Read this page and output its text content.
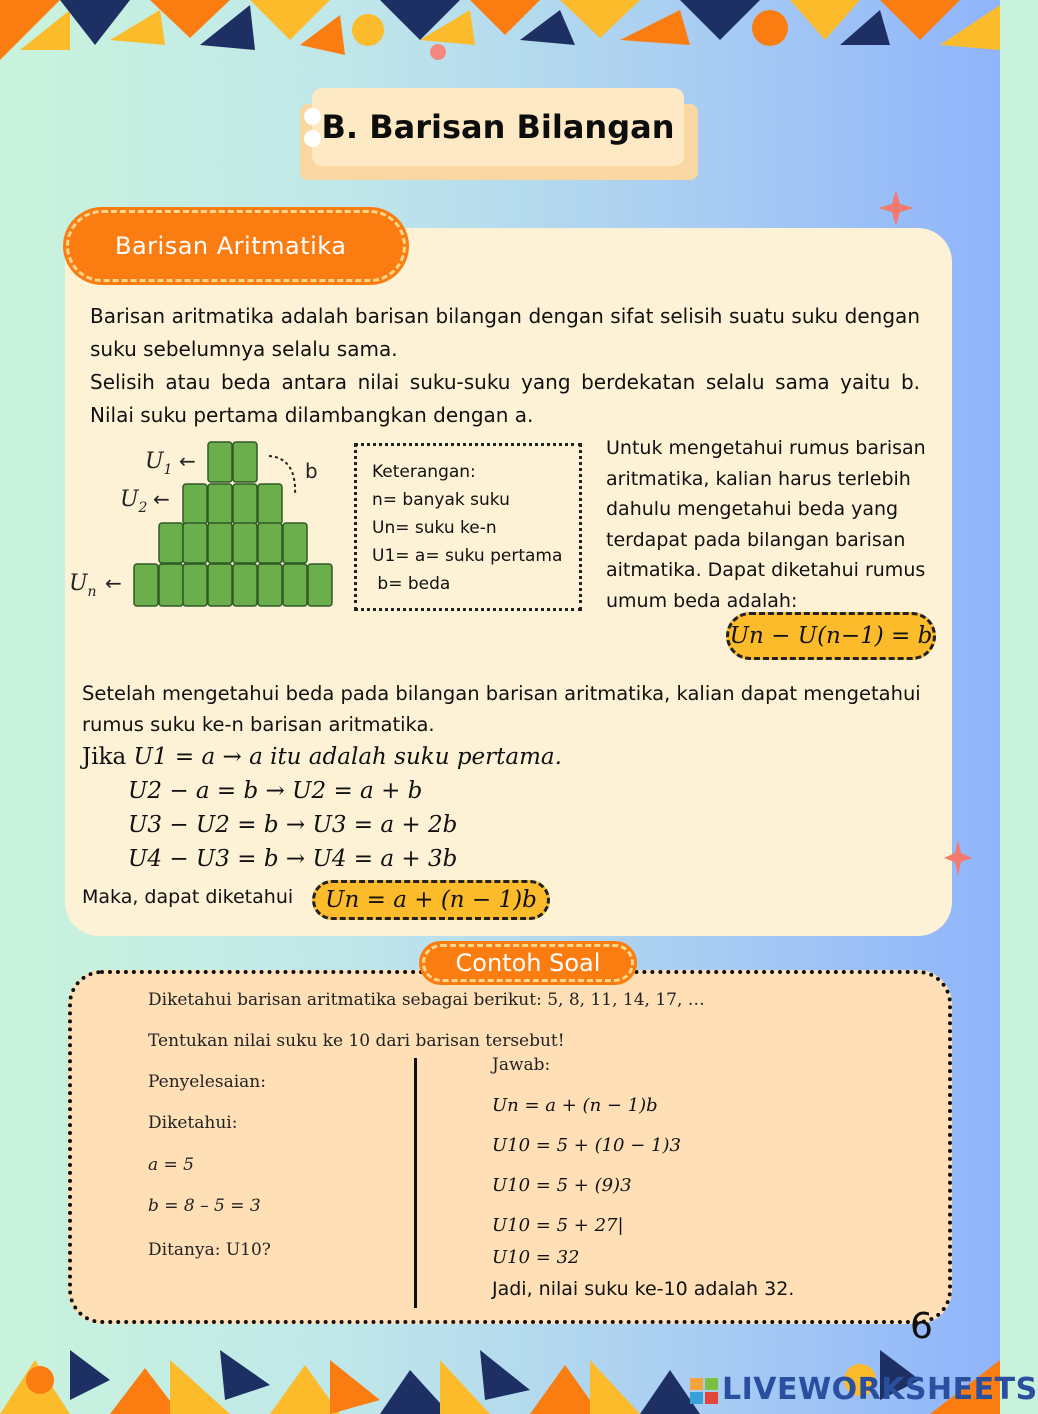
B. Barisan Bilangan
Barisan Aritmatika

Barisan aritmatika adalah barisan bilangan dengan sifat selisih suatu suku dengan suku sebelumnya selalu sama.

Selisih atau beda antara nilai suku-suku yang berdekatan selalu sama yaitu b. Nilai suku pertama dilambangkan dengan a.

$U_1$
$U_2$
$U_n$
←
←
←
b	Keterangan:
n= banyak suku
Un= suku ke-n
U1= a= suku pertama
b= beda

Untuk mengetahui rumus barisan aritmatika, kalian harus terlebih dahulu mengetahui beda yang terdapat pada bilangan barisan aitmatika. Dapat diketahui rumus umum beda adalah:

Un − U(n−1) = b

Setelah mengetahui beda pada bilangan barisan aritmatika, kalian dapat mengetahui rumus suku ke-n barisan aritmatika.

Jika U1 = a → a itu adalah suku pertama.
U2 − a = b → U2 = a + b
U3 − U2 = b → U3 = a + 2b
U4 − U3 = b → U4 = a + 3b
Maka, dapat diketahui Un = a + (n − 1)b
Contoh Soal
Diketahui barisan aritmatika sebagai berikut: 5, 8, 11, 14, 17, …
Tentukan nilai suku ke 10 dari barisan tersebut!
Penyelesaian:
Diketahui:
a = 5
b = 8 – 5 = 3
Ditanya: U10?
Jawab:
Un = a + (n − 1)b
U10 = 5 + (10 − 1)3
U10 = 5 + (9)3
U10 = 5 + 27|
U10 = 32
Jadi, nilai suku ke-10 adalah 32.
6
LIVEWORKSHEETS
